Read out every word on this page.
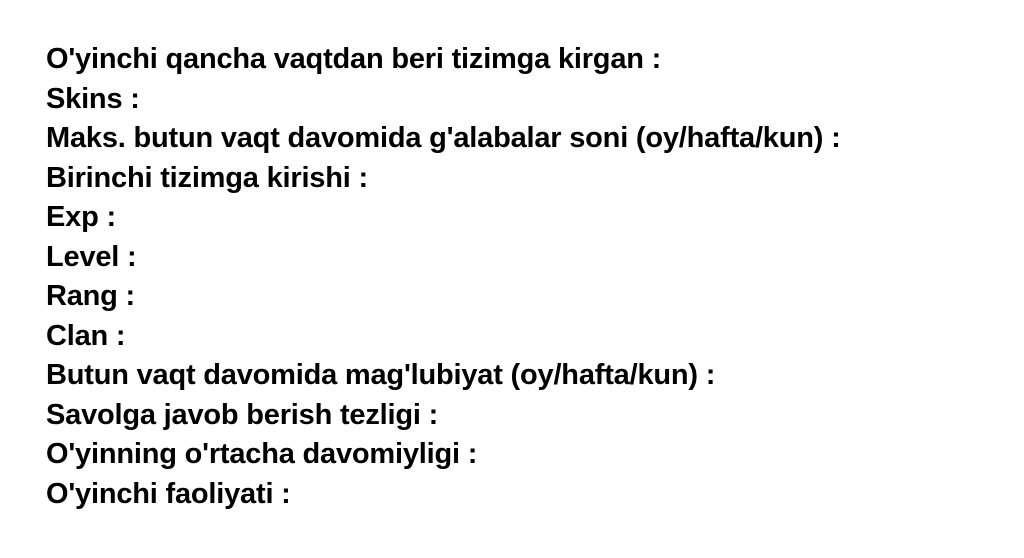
O'yinchi qancha vaqtdan beri tizimga kirgan :
Skins :
Maks. butun vaqt davomida g'alabalar soni (oy/hafta/kun) :
Birinchi tizimga kirishi :
Exp :
Level :
Rang :
Clan :
Butun vaqt davomida mag'lubiyat (oy/hafta/kun) :
Savolga javob berish tezligi :
O'yinning o'rtacha davomiyligi :
O'yinchi faoliyati :
